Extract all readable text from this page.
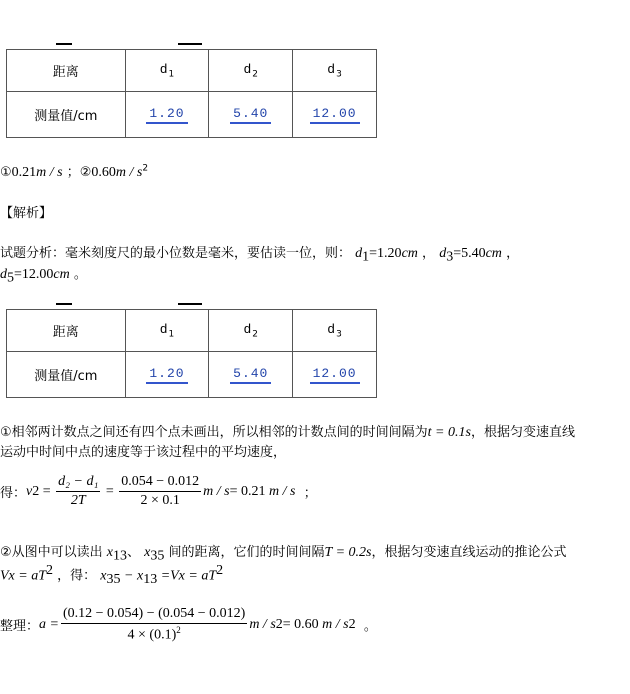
距离	$d_1$	$d_2$	$d_3$
测量值/cm	1.20	5.40	12.00
①0.21m / s ；②0.60m / $s^2$
【解析】
试题分析：毫米刻度尺的最小位数是毫米，要估读一位，则： $d_1=1.20cm$ ， $d_3=5.40cm$ ，
$d_5=12.00cm$ 。
距离	$d_1$	$d_2$	$d_3$
测量值/cm	1.20	5.40	12.00
①相邻两计数点之间还有四个点未画出，所以相邻的计数点间的时间间隔为t = 0.1s，根据匀变速直线
运动中时间中点的速度等于该过程中的平均速度，
得： v $2 = \frac{\text{d₂ − d₁}}{2T} = \frac{0.054 - 0.012}{2 \times 0.1}$ m / s = 0.21
m / s
；
②从图中可以读出 $x_{13}$、 $x_{35}$ 间的距离，它们的时间间隔T = 0.2s，根据匀变速直线运动的推论公式
$Vx = aT^2$ ，得： $x_{35} - x_{13} =Vx = aT^2$
整理： $a = \frac{(0.12 - 0.054) - (0.054 - 0.012)}{4 \times (0.1)^2}$ m / s 2 = 0.60
m / s 2
。
